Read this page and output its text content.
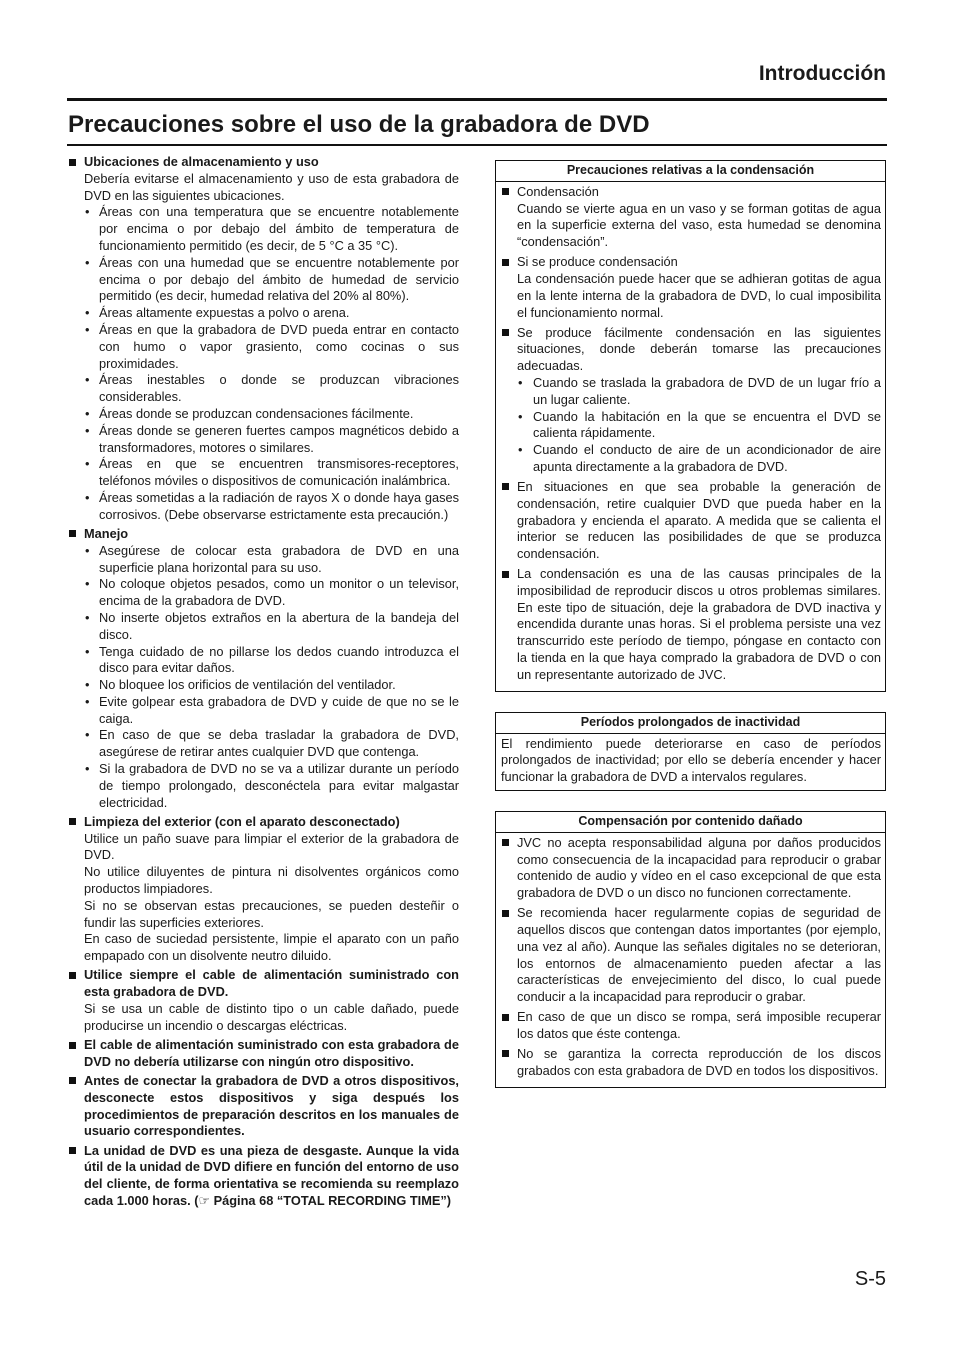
Introducción
Precauciones sobre el uso de la grabadora de DVD
Ubicaciones de almacenamiento y uso
Debería evitarse el almacenamiento y uso de esta grabadora de DVD en las siguientes ubicaciones.
• Áreas con una temperatura que se encuentre notablemente por encima o por debajo del ámbito de temperatura de funcionamiento permitido (es decir, de 5 °C a 35 °C).
• Áreas con una humedad que se encuentre notablemente por encima o por debajo del ámbito de humedad de servicio permitido (es decir, humedad relativa del 20% al 80%).
• Áreas altamente expuestas a polvo o arena.
• Áreas en que la grabadora de DVD pueda entrar en contacto con humo o vapor grasiento, como cocinas o sus proximidades.
• Áreas inestables o donde se produzcan vibraciones considerables.
• Áreas donde se produzcan condensaciones fácilmente.
• Áreas donde se generen fuertes campos magnéticos debido a transformadores, motores o similares.
• Áreas en que se encuentren transmisores-receptores, teléfonos móviles o dispositivos de comunicación inalámbrica.
• Áreas sometidas a la radiación de rayos X o donde haya gases corrosivos. (Debe observarse estrictamente esta precaución.)
Manejo
• Asegúrese de colocar esta grabadora de DVD en una superficie plana horizontal para su uso.
• No coloque objetos pesados, como un monitor o un televisor, encima de la grabadora de DVD.
• No inserte objetos extraños en la abertura de la bandeja del disco.
• Tenga cuidado de no pillarse los dedos cuando introduzca el disco para evitar daños.
• No bloquee los orificios de ventilación del ventilador.
• Evite golpear esta grabadora de DVD y cuide de que no se le caiga.
• En caso de que se deba trasladar la grabadora de DVD, asegúrese de retirar antes cualquier DVD que contenga.
• Si la grabadora de DVD no se va a utilizar durante un período de tiempo prolongado, desconéctela para evitar malgastar electricidad.
Limpieza del exterior (con el aparato desconectado)
Utilice un paño suave para limpiar el exterior de la grabadora de DVD.
No utilice diluyentes de pintura ni disolventes orgánicos como productos limpiadores.
Si no se observan estas precauciones, se pueden desteñir o fundir las superficies exteriores.
En caso de suciedad persistente, limpie el aparato con un paño empapado con un disolvente neutro diluido.
Utilice siempre el cable de alimentación suministrado con esta grabadora de DVD.
Si se usa un cable de distinto tipo o un cable dañado, puede producirse un incendio o descargas eléctricas.
El cable de alimentación suministrado con esta grabadora de DVD no debería utilizarse con ningún otro dispositivo.
Antes de conectar la grabadora de DVD a otros dispositivos, desconecte estos dispositivos y siga después los procedimientos de preparación descritos en los manuales de usuario correspondientes.
La unidad de DVD es una pieza de desgaste. Aunque la vida útil de la unidad de DVD difiere en función del entorno de uso del cliente, de forma orientativa se recomienda su reemplazo cada 1.000 horas. (☞ Página 68 “TOTAL RECORDING TIME”)
Precauciones relativas a la condensación
Condensación
Cuando se vierte agua en un vaso y se forman gotitas de agua en la superficie externa del vaso, esta humedad se denomina “condensación”.
Si se produce condensación
La condensación puede hacer que se adhieran gotitas de agua en la lente interna de la grabadora de DVD, lo cual imposibilita el funcionamiento normal.
Se produce fácilmente condensación en las siguientes situaciones, donde deberán tomarse las precauciones adecuadas.
• Cuando se traslada la grabadora de DVD de un lugar frío a un lugar caliente.
• Cuando la habitación en la que se encuentra el DVD se calienta rápidamente.
• Cuando el conducto de aire de un acondicionador de aire apunta directamente a la grabadora de DVD.
En situaciones en que sea probable la generación de condensación, retire cualquier DVD que pueda haber en la grabadora y encienda el aparato. A medida que se calienta el interior se reducen las posibilidades de que se produzca condensación.
La condensación es una de las causas principales de la imposibilidad de reproducir discos u otros problemas similares. En este tipo de situación, deje la grabadora de DVD inactiva y encendida durante unas horas. Si el problema persiste una vez transcurrido este período de tiempo, póngase en contacto con la tienda en la que haya comprado la grabadora de DVD o con un representante autorizado de JVC.
Períodos prolongados de inactividad
El rendimiento puede deteriorarse en caso de períodos prolongados de inactividad; por ello se debería encender y hacer funcionar la grabadora de DVD a intervalos regulares.
Compensación por contenido dañado
JVC no acepta responsabilidad alguna por daños producidos como consecuencia de la incapacidad para reproducir o grabar contenido de audio y vídeo en el caso excepcional de que esta grabadora de DVD o un disco no funcionen correctamente.
Se recomienda hacer regularmente copias de seguridad de aquellos discos que contengan datos importantes (por ejemplo, una vez al año). Aunque las señales digitales no se deterioran, los entornos de almacenamiento pueden afectar a las características de envejecimiento del disco, lo cual puede conducir a la incapacidad para reproducir o grabar.
En caso de que un disco se rompa, será imposible recuperar los datos que éste contenga.
No se garantiza la correcta reproducción de los discos grabados con esta grabadora de DVD en todos los dispositivos.
S-5
